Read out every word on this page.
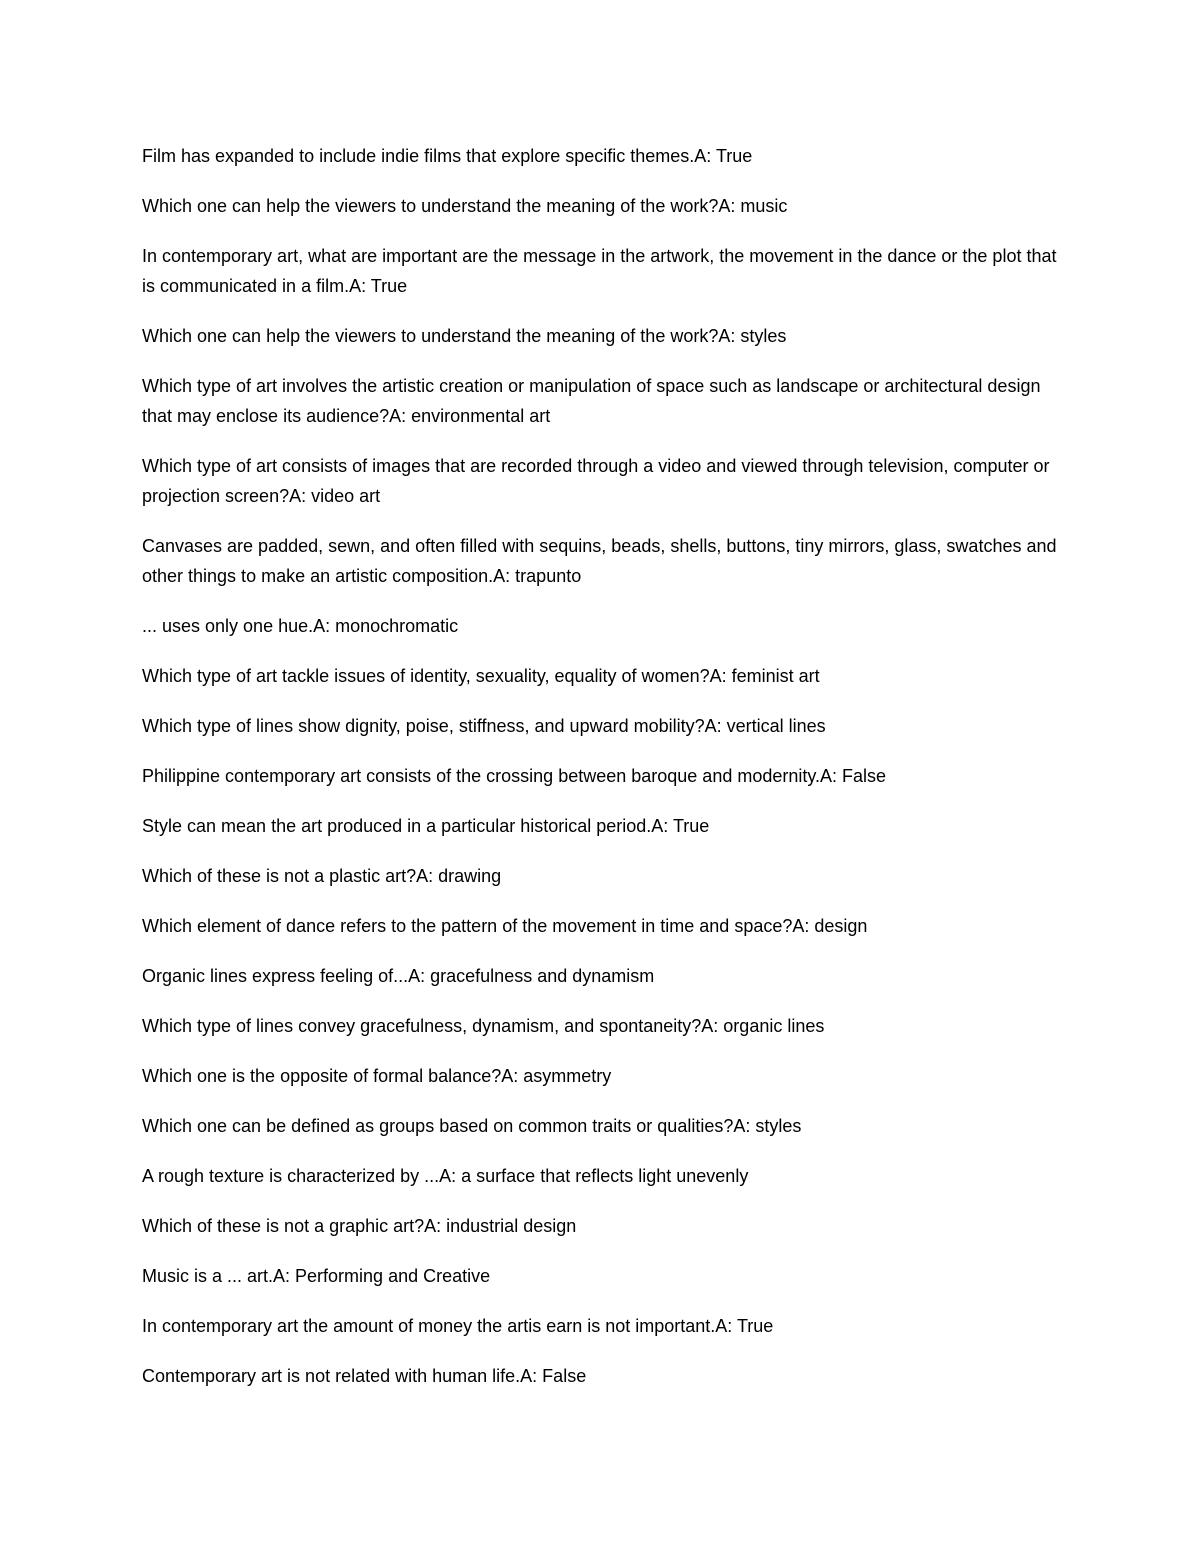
Film has expanded to include indie films that explore specific themes.A: True

Which one can help the viewers to understand the meaning of the work?A: music

In contemporary art, what are important are the message in the artwork, the movement in the dance or the plot that is communicated in a film.A: True

Which one can help the viewers to understand the meaning of the work?A: styles

Which type of art involves the artistic creation or manipulation of space such as landscape or architectural design that may enclose its audience?A: environmental art

Which type of art consists of images that are recorded through a video and viewed through television, computer or projection screen?A: video art

Canvases are padded, sewn, and often filled with sequins, beads, shells, buttons, tiny mirrors, glass, swatches and other things to make an artistic composition.A: trapunto

... uses only one hue.A: monochromatic

Which type of art tackle issues of identity, sexuality, equality of women?A: feminist art

Which type of lines show dignity, poise, stiffness, and upward mobility?A: vertical lines

Philippine contemporary art consists of the crossing between baroque and modernity.A: False

Style can mean the art produced in a particular historical period.A: True

Which of these is not a plastic art?A: drawing

Which element of dance refers to the pattern of the movement in time and space?A: design

Organic lines express feeling of...A: gracefulness and dynamism

Which type of lines convey gracefulness, dynamism, and spontaneity?A: organic lines

Which one is the opposite of formal balance?A: asymmetry

Which one can be defined as groups based on common traits or qualities?A: styles

A rough texture is characterized by ...A: a surface that reflects light unevenly

Which of these is not a graphic art?A: industrial design

Music is a ... art.A: Performing and Creative

In contemporary art the amount of money the artis earn is not important.A: True

Contemporary art is not related with human life.A: False
